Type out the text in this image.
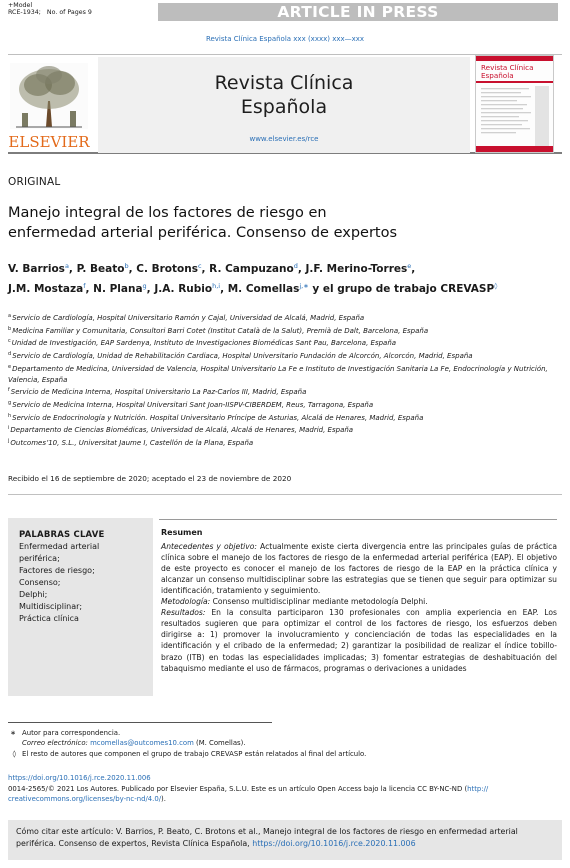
+Model
RCE-1934; No. of Pages 9	ARTICLE IN PRESS
Revista Clínica Española xxx (xxxx) xxx—xxx
ELSEVIER
Revista Clínica
Española
www.elsevier.es/rce
Revista Clínica
Española
ORIGINAL
Manejo integral de los factores de riesgo en
enfermedad arterial periférica. Consenso de expertos
V. Barrios$^a$, P. Beato$^b$, C. Brotons$^c$, R. Campuzano$^d$, J.F. Merino-Torres$^e$,
J.M. Mostaza$^f$, N. Plana$^g$, J.A. Rubio$^{h,i}$, M. Comellas$^{j,∗}$ y el grupo de trabajo CREVASP◊
$^a$Servicio de Cardiología, Hospital Universitario Ramón y Cajal, Universidad de Alcalá, Madrid, España
$^b$Medicina Familiar y Comunitaria, Consultori Barri Cotet (Institut Català de la Salut), Premià de Dalt, Barcelona, España
$^c$Unidad de Investigación, EAP Sardenya, Instituto de Investigaciones Biomédicas Sant Pau, Barcelona, España
$^d$Servicio de Cardiología, Unidad de Rehabilitación Cardiaca, Hospital Universitario Fundación de Alcorcón, Alcorcón, Madrid, España
$^e$Departamento de Medicina, Universidad de Valencia, Hospital Universitario La Fe e Instituto de Investigación Sanitaria La Fe, Endocrinología y Nutrición, Valencia, España
$^f$Servicio de Medicina Interna, Hospital Universitario La Paz-Carlos III, Madrid, España
$^g$Servicio de Medicina Interna, Hospital Universitari Sant Joan-IISPV-CIBERDEM, Reus, Tarragona, España
$^h$Servicio de Endocrinología y Nutrición. Hospital Universitario Príncipe de Asturias, Alcalá de Henares, Madrid, España
$^i$Departamento de Ciencias Biomédicas, Universidad de Alcalá, Alcalá de Henares, Madrid, España
$^j$Outcomes’10, S.L., Universitat Jaume I, Castellón de la Plana, España
Recibido el 16 de septiembre de 2020; aceptado el 23 de noviembre de 2020
PALABRAS CLAVE
Enfermedad arterial
periférica;
Factores de riesgo;
Consenso;
Delphi;
Multidisciplinar;
Práctica clínica
Resumen

Antecedentes y objetivo: Actualmente existe cierta divergencia entre las principales guías de práctica clínica sobre el manejo de los factores de riesgo de la enfermedad arterial periférica (EAP). El objetivo de este proyecto es conocer el manejo de los factores de riesgo de la EAP en la práctica clínica y alcanzar un consenso multidisciplinar sobre las estrategias que se tienen que seguir para optimizar su identificación, tratamiento y seguimiento.

Metodología: Consenso multidisciplinar mediante metodología Delphi.

Resultados: En la consulta participaron 130 profesionales con amplia experiencia en EAP. Los resultados sugieren que para optimizar el control de los factores de riesgo, los esfuerzos deben dirigirse a: 1) promover la involucramiento y concienciación de todas las especialidades en la identificación y el cribado de la enfermedad; 2) garantizar la posibilidad de realizar el índice tobillo-brazo (ITB) en todas las especialidades implicadas; 3) fomentar estrategias de deshabituación del tabaquismo mediante el uso de fármacos, programas o derivaciones a unidades

∗ Autor para correspondencia.
Correo electrónico: mcomellas@outcomes10.com (M. Comellas).
◊ El resto de autores que componen el grupo de trabajo CREVASP están relatados al final del artículo.
https://doi.org/10.1016/j.rce.2020.11.006
0014-2565/© 2021 Los Autores. Publicado por Elsevier España, S.L.U. Este es un artículo Open Access bajo la licencia CC BY-NC-ND (http://
creativecommons.org/licenses/by-nc-nd/4.0/).
Cómo citar este artículo: V. Barrios, P. Beato, C. Brotons et al., Manejo integral de los factores de riesgo en enfermedad arterial periférica. Consenso de expertos, Revista Clínica Española, https://doi.org/10.1016/j.rce.2020.11.006
